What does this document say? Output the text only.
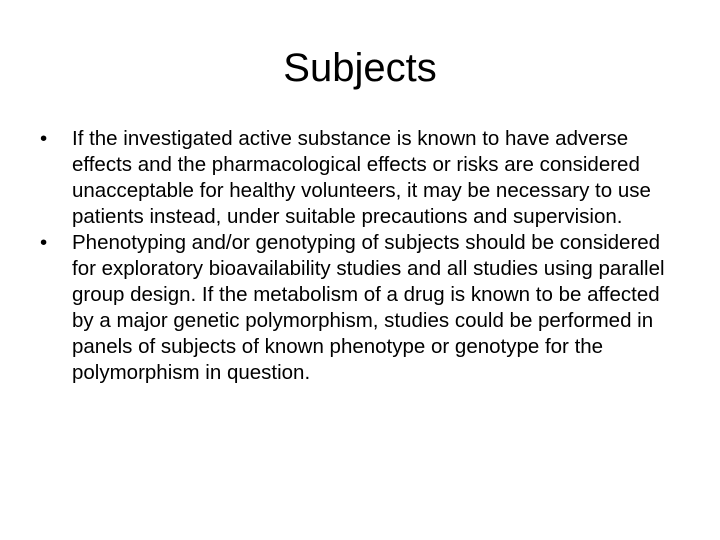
Subjects
•	If the investigated active substance is known to have adverse effects and the pharmacological effects or risks are considered unacceptable for healthy volunteers, it may be necessary to use patients instead, under suitable precautions and supervision.
•	Phenotyping and/or genotyping of subjects should be considered for exploratory bioavailability studies and all studies using parallel group design. If the metabolism of a drug is known to be affected by a major genetic polymorphism, studies could be performed in panels of subjects of known phenotype or genotype for the polymorphism in question.
